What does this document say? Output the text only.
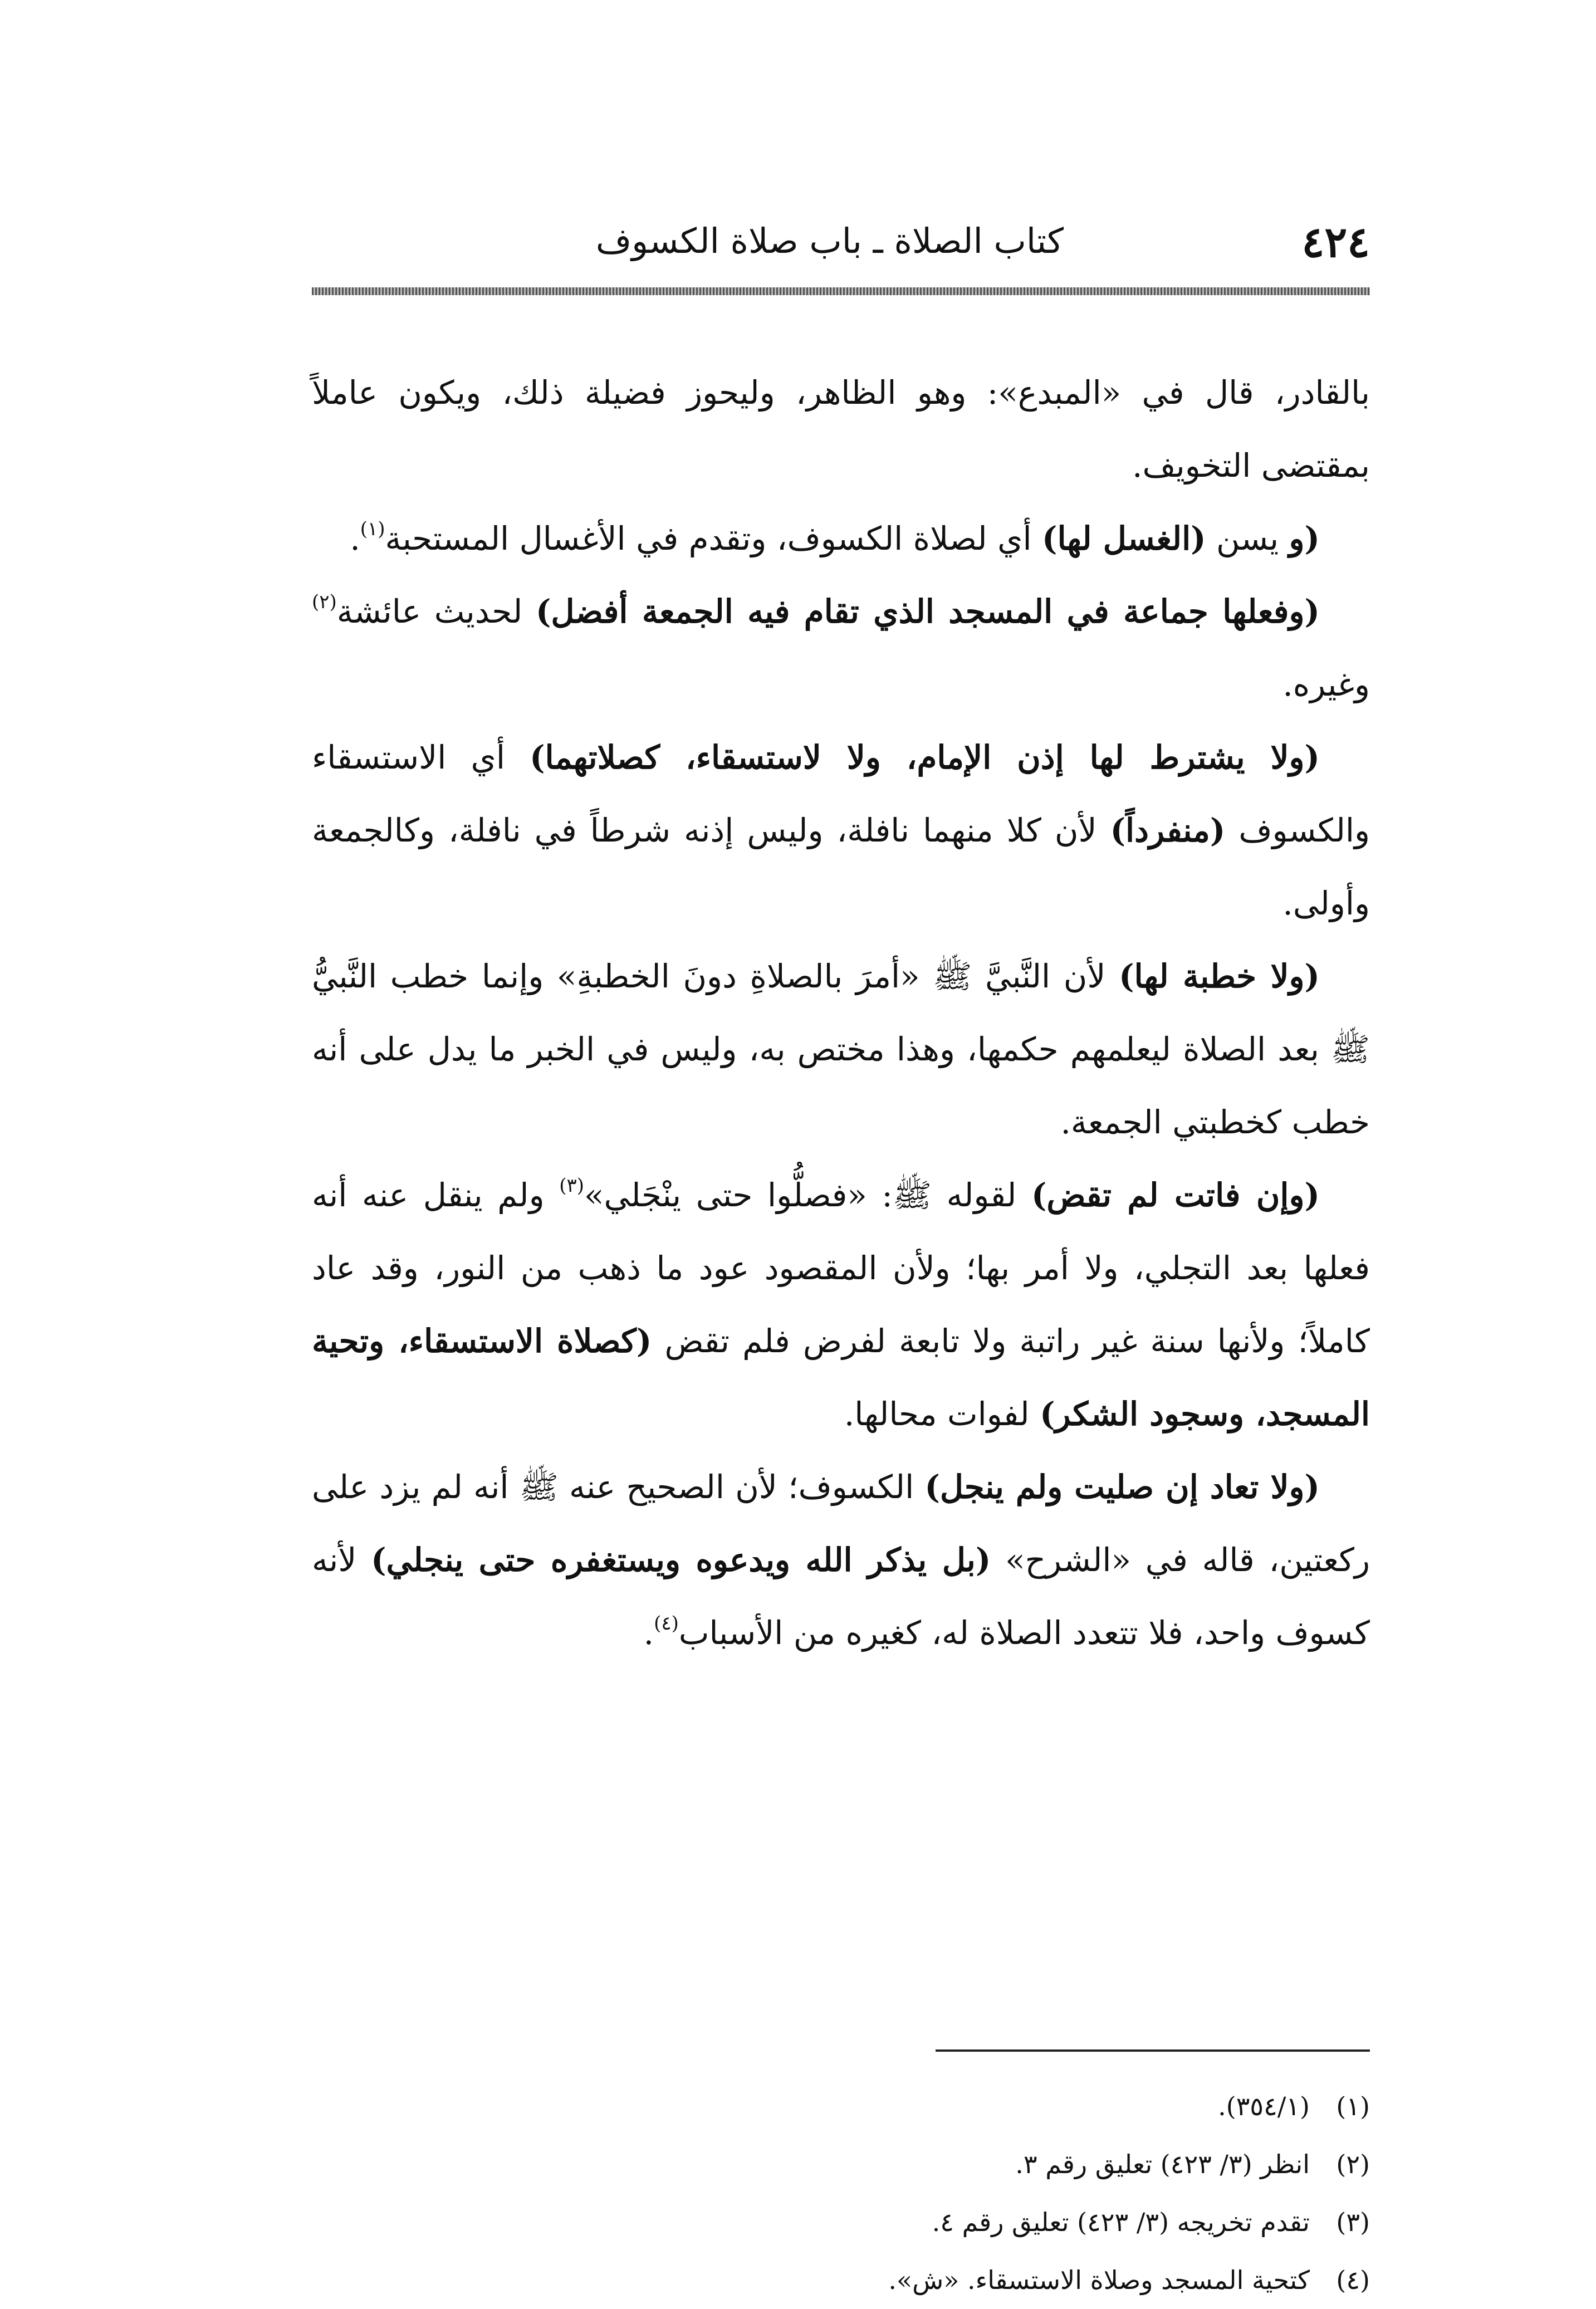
كتاب الصلاة ـ باب صلاة الكسوف	٤٢٤

بالقادر، قال في «المبدع»: وهو الظاهر، وليحوز فضيلة ذلك، ويكون عاملاً بمقتضى التخويف.

(و يسن (الغسل لها) أي لصلاة الكسوف، وتقدم في الأغسال المستحبة$^{(١)}$.

(وفعلها جماعة في المسجد الذي تقام فيه الجمعة أفضل) لحديث عائشة$^{(٢)}$ وغيره.

(ولا يشترط لها إذن الإمام، ولا لاستسقاء، كصلاتهما) أي الاستسقاء والكسوف (منفرداً) لأن كلا منهما نافلة، وليس إذنه شرطاً في نافلة، وكالجمعة وأولى.

(ولا خطبة لها) لأن النَّبيَّ ﷺ «أمرَ بالصلاةِ دونَ الخطبةِ» وإنما خطب النَّبيُّ ﷺ بعد الصلاة ليعلمهم حكمها، وهذا مختص به، وليس في الخبر ما يدل على أنه خطب كخطبتي الجمعة.

(وإن فاتت لم تقض) لقوله ﷺ: «فصلُّوا حتى ينْجَلي»$^{(٣)}$ ولم ينقل عنه أنه فعلها بعد التجلي، ولا أمر بها؛ ولأن المقصود عود ما ذهب من النور، وقد عاد كاملاً؛ ولأنها سنة غير راتبة ولا تابعة لفرض فلم تقض (كصلاة الاستسقاء، وتحية المسجد، وسجود الشكر) لفوات محالها.

(ولا تعاد إن صليت ولم ينجل) الكسوف؛ لأن الصحيح عنه ﷺ أنه لم يزد على ركعتين، قاله في «الشرح» (بل يذكر الله ويدعوه ويستغفره حتى ينجلي) لأنه كسوف واحد، فلا تتعدد الصلاة له، كغيره من الأسباب$^{(٤)}$.

(١)
(٣٥٤/١).
(٢)
انظر (٣/ ٤٢٣) تعليق رقم ٣.
(٣)
تقدم تخريجه (٣/ ٤٢٣) تعليق رقم ٤.
(٤)
كتحية المسجد وصلاة الاستسقاء. «ش».
